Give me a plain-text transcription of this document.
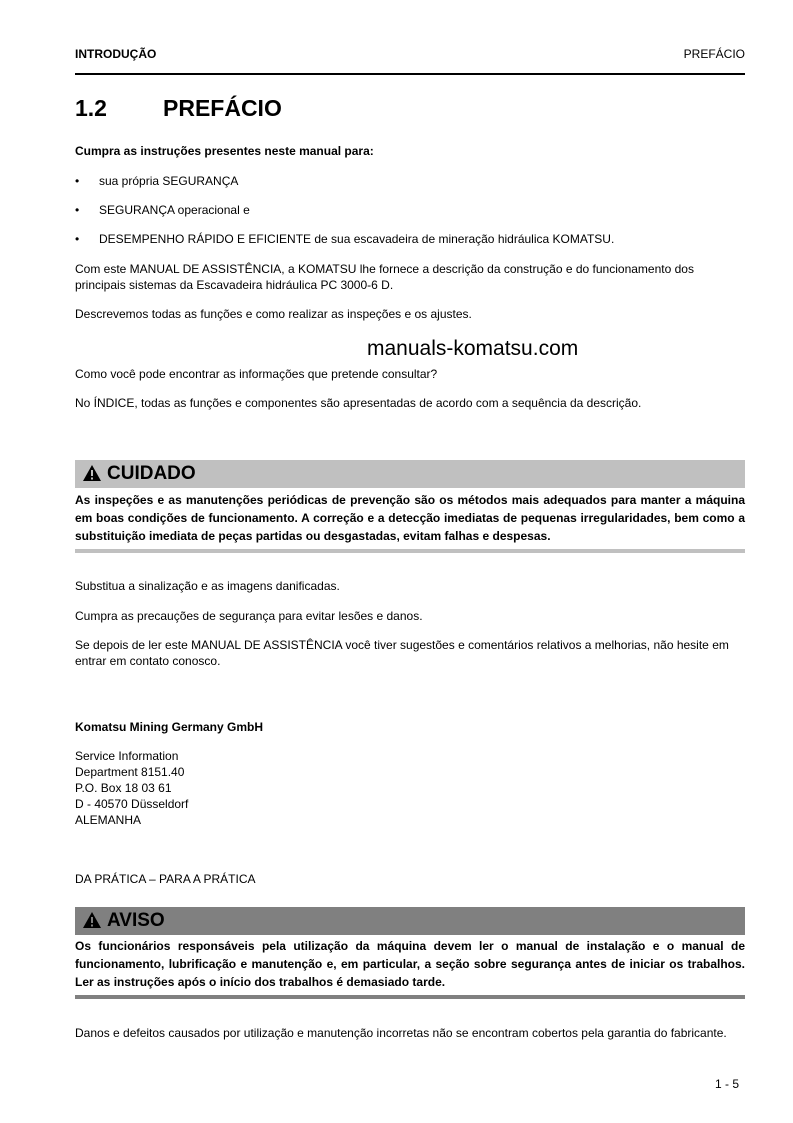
INTRODUÇÃO	PREFÁCIO
1.2 PREFÁCIO
Cumpra as instruções presentes neste manual para:
• sua própria SEGURANÇA
• SEGURANÇA operacional e
• DESEMPENHO RÁPIDO E EFICIENTE de sua escavadeira de mineração hidráulica KOMATSU.
Com este MANUAL DE ASSISTÊNCIA, a KOMATSU lhe fornece a descrição da construção e do funcionamento dos principais sistemas da Escavadeira hidráulica PC 3000-6 D.
Descrevemos todas as funções e como realizar as inspeções e os ajustes.
manuals-komatsu.com
Como você pode encontrar as informações que pretende consultar?
No ÍNDICE, todas as funções e componentes são apresentadas de acordo com a sequência da descrição.
CUIDADO
As inspeções e as manutenções periódicas de prevenção são os métodos mais adequados para manter a máquina em boas condições de funcionamento. A correção e a detecção imediatas de pequenas irregularidades, bem como a substituição imediata de peças partidas ou desgastadas, evitam falhas e despesas.
Substitua a sinalização e as imagens danificadas.
Cumpra as precauções de segurança para evitar lesões e danos.
Se depois de ler este MANUAL DE ASSISTÊNCIA você tiver sugestões e comentários relativos a melhorias, não hesite em entrar em contato conosco.
Komatsu Mining Germany GmbH
Service Information
Department 8151.40
P.O. Box 18 03 61
D - 40570 Düsseldorf
ALEMANHA
DA PRÁTICA – PARA A PRÁTICA
AVISO
Os funcionários responsáveis pela utilização da máquina devem ler o manual de instalação e o manual de funcionamento, lubrificação e manutenção e, em particular, a seção sobre segurança antes de iniciar os trabalhos. Ler as instruções após o início dos trabalhos é demasiado tarde.
Danos e defeitos causados por utilização e manutenção incorretas não se encontram cobertos pela garantia do fabricante.
1 - 5
